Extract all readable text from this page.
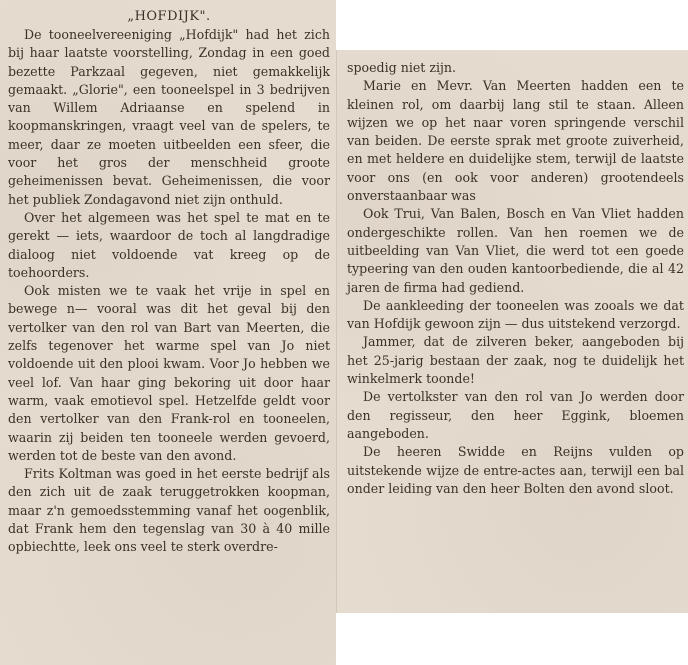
„HOFDIJK".

De tooneelvereeniging „Hofdijk" had het zich bij haar laatste voorstelling, Zondag in een goed bezette Parkzaal gegeven, niet gemakkelijk gemaakt. „Glorie", een tooneelspel in 3 bedrijven van Willem Adriaanse en spelend in koopmanskringen, vraagt veel van de spelers, te meer, daar ze moeten uitbeelden een sfeer, die voor het gros der menschheid groote geheimenissen bevat. Geheimenissen, die voor het publiek Zondagavond niet zijn onthuld.

Over het algemeen was het spel te mat en te gerekt — iets, waardoor de toch al langdradige dialoog niet voldoende vat kreeg op de toehoorders.

Ook misten we te vaak het vrije in spel en bewege n— vooral was dit het geval bij den vertolker van den rol van Bart van Meerten, die zelfs tegenover het warme spel van Jo niet voldoende uit den plooi kwam. Voor Jo hebben we veel lof. Van haar ging bekoring uit door haar warm, vaak emotievol spel. Hetzelfde geldt voor den vertolker van den Frank-rol en tooneelen, waarin zij beiden ten tooneele werden gevoerd, werden tot de beste van den avond.

Frits Koltman was goed in het eerste bedrijf als den zich uit de zaak teruggetrokken koopman, maar z'n gemoedsstemming vanaf het oogenblik, dat Frank hem den tegenslag van 30 à 40 mille opbiechtte, leek ons veel te sterk overdre-

spoedig niet zijn.

Marie en Mevr. Van Meerten hadden een te kleinen rol, om daarbij lang stil te staan. Alleen wijzen we op het naar voren springende verschil van beiden. De eerste sprak met groote zuiverheid, en met heldere en duidelijke stem, terwijl de laatste voor ons (en ook voor anderen) grootendeels onverstaanbaar was

Ook Trui, Van Balen, Bosch en Van Vliet hadden ondergeschikte rollen. Van hen roemen we de uitbeelding van Van Vliet, die werd tot een goede typeering van den ouden kantoorbediende, die al 42 jaren de firma had gediend.

De aankleeding der tooneelen was zooals we dat van Hofdijk gewoon zijn — dus uitstekend verzorgd.

Jammer, dat de zilveren beker, aangeboden bij het 25-jarig bestaan der zaak, nog te duidelijk het winkelmerk toonde!

De vertolkster van den rol van Jo werden door den regisseur, den heer Eggink, bloemen aangeboden.

De heeren Swidde en Reijns vulden op uitstekende wijze de entre-actes aan, terwijl een bal onder leiding van den heer Bolten den avond sloot.
